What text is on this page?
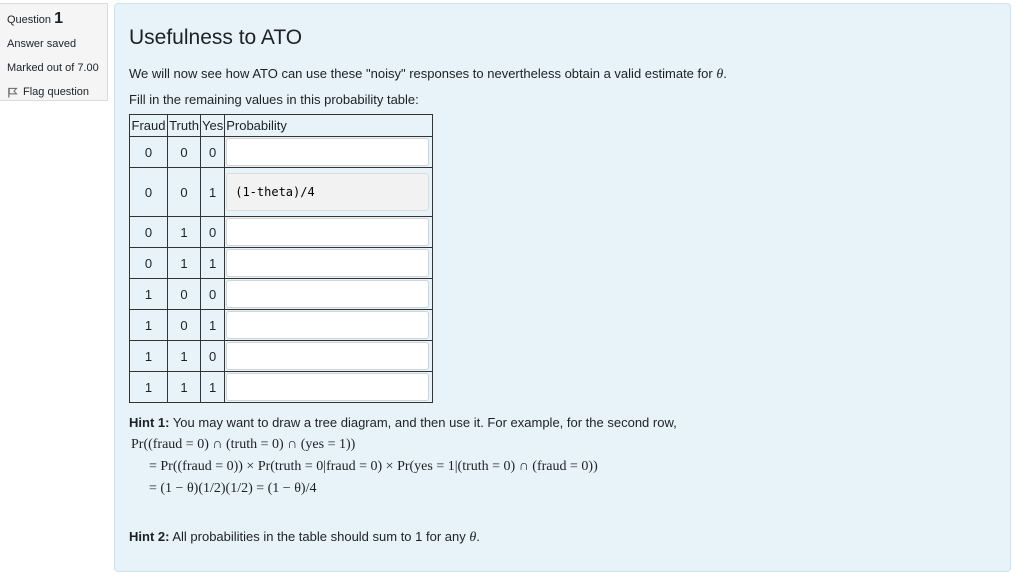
Question 1
Answer saved
Marked out of 7.00
Flag question
Usefulness to ATO
We will now see how ATO can use these "noisy" responses to nevertheless obtain a valid estimate for θ.
Fill in the remaining values in this probability table:
Fraud	Truth	Yes	Probability
0	0	0	

0	0	1	
(1-theta)/4
0	1	0	

0	1	1	

1	0	0	

1	0	1	

1	1	0	

1	1	1	
Hint 1: You may want to draw a tree diagram, and then use it. For example, for the second row,
Pr((fraud = 0) ∩ (truth = 0) ∩ (yes = 1))
= Pr((fraud = 0)) × Pr(truth = 0|fraud = 0) × Pr(yes = 1|(truth = 0) ∩ (fraud = 0))
= (1 − θ)(1/2)(1/2) = (1 − θ)/4
Hint 2: All probabilities in the table should sum to 1 for any θ.
